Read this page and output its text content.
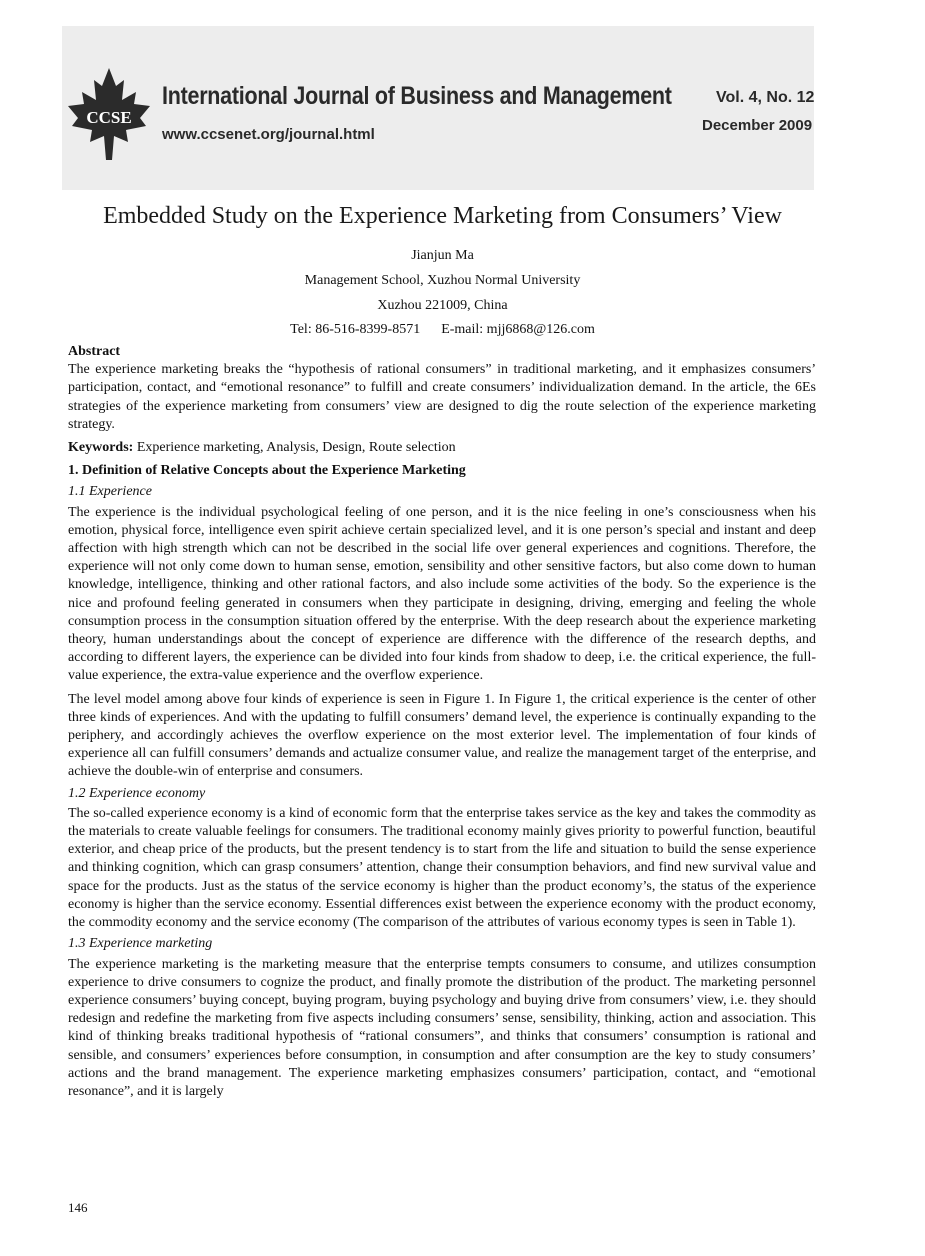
CCSE
International Journal of Business and Management
www.ccsenet.org/journal.html
Vol. 4, No. 12
December 2009
Embedded Study on the Experience Marketing from Consumers’ View
Jianjun Ma
Management School, Xuzhou Normal University
Xuzhou 221009, China
Tel: 86-516-8399-8571      E-mail: mjj6868@126.com
Abstract

The experience marketing breaks the “hypothesis of rational consumers” in traditional marketing, and it emphasizes consumers’ participation, contact, and “emotional resonance” to fulfill and create consumers’ individualization demand. In the article, the 6Es strategies of the experience marketing from consumers’ view are designed to dig the route selection of the experience marketing strategy.

Keywords: Experience marketing, Analysis, Design, Route selection

1. Definition of Relative Concepts about the Experience Marketing
1.1 Experience

The experience is the individual psychological feeling of one person, and it is the nice feeling in one’s consciousness when his emotion, physical force, intelligence even spirit achieve certain specialized level, and it is one person’s special and instant and deep affection with high strength which can not be described in the social life over general experiences and cognitions. Therefore, the experience will not only come down to human sense, emotion, sensibility and other sensitive factors, but also come down to human knowledge, intelligence, thinking and other rational factors, and also include some activities of the body. So the experience is the nice and profound feeling generated in consumers when they participate in designing, driving, emerging and feeling the whole consumption process in the consumption situation offered by the enterprise. With the deep research about the experience marketing theory, human understandings about the concept of experience are difference with the difference of the research depths, and according to different layers, the experience can be divided into four kinds from shadow to deep, i.e. the critical experience, the full-value experience, the extra-value experience and the overflow experience.

The level model among above four kinds of experience is seen in Figure 1. In Figure 1, the critical experience is the center of other three kinds of experiences. And with the updating to fulfill consumers’ demand level, the experience is continually expanding to the periphery, and accordingly achieves the overflow experience on the most exterior level. The implementation of four kinds of experience all can fulfill consumers’ demands and actualize consumer value, and realize the management target of the enterprise, and achieve the double-win of enterprise and consumers.

1.2 Experience economy

The so-called experience economy is a kind of economic form that the enterprise takes service as the key and takes the commodity as the materials to create valuable feelings for consumers. The traditional economy mainly gives priority to powerful function, beautiful exterior, and cheap price of the products, but the present tendency is to start from the life and situation to build the sense experience and thinking cognition, which can grasp consumers’ attention, change their consumption behaviors, and find new survival value and space for the products. Just as the status of the service economy is higher than the product economy’s, the status of the experience economy is higher than the service economy. Essential differences exist between the experience economy with the product economy, the commodity economy and the service economy (The comparison of the attributes of various economy types is seen in Table 1).

1.3 Experience marketing

The experience marketing is the marketing measure that the enterprise tempts consumers to consume, and utilizes consumption experience to drive consumers to cognize the product, and finally promote the distribution of the product. The marketing personnel experience consumers’ buying concept, buying program, buying psychology and buying drive from consumers’ view, i.e. they should redesign and redefine the marketing from five aspects including consumers’ sense, sensibility, thinking, action and association. This kind of thinking breaks traditional hypothesis of “rational consumers”, and thinks that consumers’ consumption is rational and sensible, and consumers’ experiences before consumption, in consumption and after consumption are the key to study consumers’ actions and the brand management. The experience marketing emphasizes consumers’ participation, contact, and “emotional resonance”, and it is largely

146
